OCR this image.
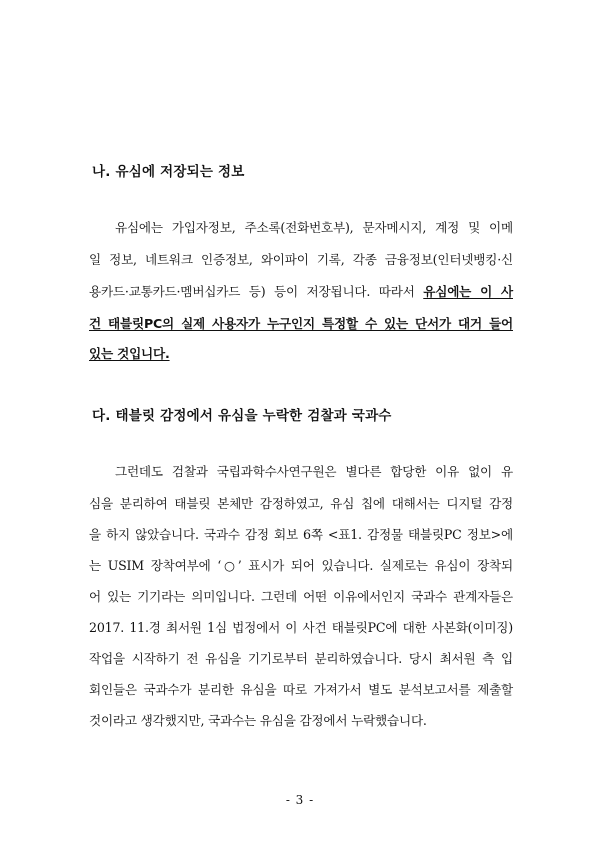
나. 유심에 저장되는 정보
유심에는 가입자정보, 주소록(전화번호부), 문자메시지, 계정 및 이메
일 정보, 네트워크 인증정보, 와이파이 기록, 각종 금융정보(인터넷뱅킹·신
용카드·교통카드·멤버십카드 등) 등이 저장됩니다. 따라서 유심에는 이 사
건 태블릿PC의 실제 사용자가 누구인지 특정할 수 있는 단서가 대거 들어
있는 것입니다.
다. 태블릿 감정에서 유심을 누락한 검찰과 국과수
그런데도 검찰과 국립과학수사연구원은 별다른 합당한 이유 없이 유
심을 분리하여 태블릿 본체만 감정하였고, 유심 칩에 대해서는 디지털 감정
을 하지 않았습니다. 국과수 감정 회보 6쪽 <표1. 감정물 태블릿PC 정보>에
는 USIM 장착여부에 ‘○’ 표시가 되어 있습니다. 실제로는 유심이 장착되
어 있는 기기라는 의미입니다. 그런데 어떤 이유에서인지 국과수 관계자들은
2017. 11.경 최서원 1심 법정에서 이 사건 태블릿PC에 대한 사본화(이미징)
작업을 시작하기 전 유심을 기기로부터 분리하였습니다. 당시 최서원 측 입
회인들은 국과수가 분리한 유심을 따로 가져가서 별도 분석보고서를 제출할
것이라고 생각했지만, 국과수는 유심을 감정에서 누락했습니다.
- 3 -
